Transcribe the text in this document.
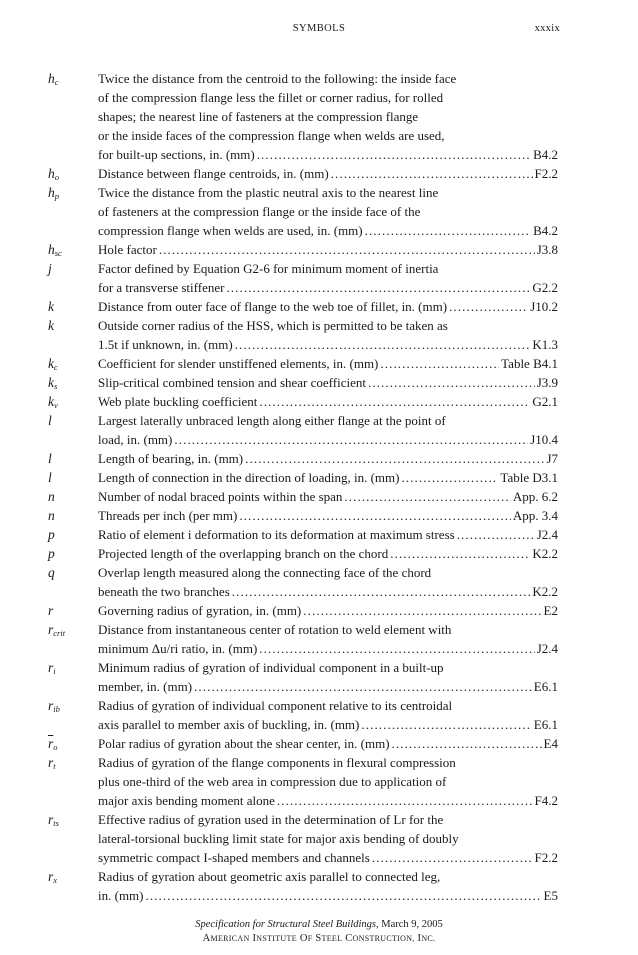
SYMBOLS	xxxix
$h_c$	Twice the distance from the centroid to the following: the inside face
of the compression flange less the fillet or corner radius, for rolled
shapes; the nearest line of fasteners at the compression flange
or the inside faces of the compression flange when welds are used,
for built-up sections, in. (mm) .....	B4.2
$h_o$	Distance between flange centroids, in. (mm) .....	F2.2
$h_p$	Twice the distance from the plastic neutral axis to the nearest line
of fasteners at the compression flange or the inside face of the
compression flange when welds are used, in. (mm) .....	B4.2
$h_{sc}$	Hole factor .....	J3.8
j	Factor defined by Equation G2-6 for minimum moment of inertia
for a transverse stiffener .....	G2.2
k	Distance from outer face of flange to the web toe of fillet, in. (mm) .....	J10.2
k	Outside corner radius of the HSS, which is permitted to be taken as
1.5t if unknown, in. (mm) .....	K1.3
$k_c$	Coefficient for slender unstiffened elements, in. (mm) .....	Table B4.1
$k_s$	Slip-critical combined tension and shear coefficient .....	J3.9
$k_v$	Web plate buckling coefficient .....	G2.1
l	Largest laterally unbraced length along either flange at the point of
load, in. (mm) .....	J10.4
l	Length of bearing, in. (mm) .....	J7
l	Length of connection in the direction of loading, in. (mm) .....	Table D3.1
n	Number of nodal braced points within the span .....	App. 6.2
n	Threads per inch (per mm) .....	App. 3.4
p	Ratio of element i deformation to its deformation at maximum stress .....	J2.4
p	Projected length of the overlapping branch on the chord .....	K2.2
q	Overlap length measured along the connecting face of the chord
beneath the two branches .....	K2.2
r	Governing radius of gyration, in. (mm) .....	E2
$r_{crit}$	Distance from instantaneous center of rotation to weld element with
minimum Δu/ri ratio, in. (mm) .....	J2.4
$r_i$	Minimum radius of gyration of individual component in a built-up
member, in. (mm) .....	E6.1
$r_{ib}$	Radius of gyration of individual component relative to its centroidal
axis parallel to member axis of buckling, in. (mm) .....	E6.1
$\overline{r}_o$	Polar radius of gyration about the shear center, in. (mm) .....	E4
$r_t$	Radius of gyration of the flange components in flexural compression
plus one-third of the web area in compression due to application of
major axis bending moment alone .....	F4.2
$r_{ts}$	Effective radius of gyration used in the determination of Lr for the
lateral-torsional buckling limit state for major axis bending of doubly
symmetric compact I-shaped members and channels .....	F2.2
$r_x$	Radius of gyration about geometric axis parallel to connected leg,
in. (mm) .....	E5
Specification for Structural Steel Buildings, March 9, 2005
AMERICAN INSTITUTE OF STEEL CONSTRUCTION, INC.
